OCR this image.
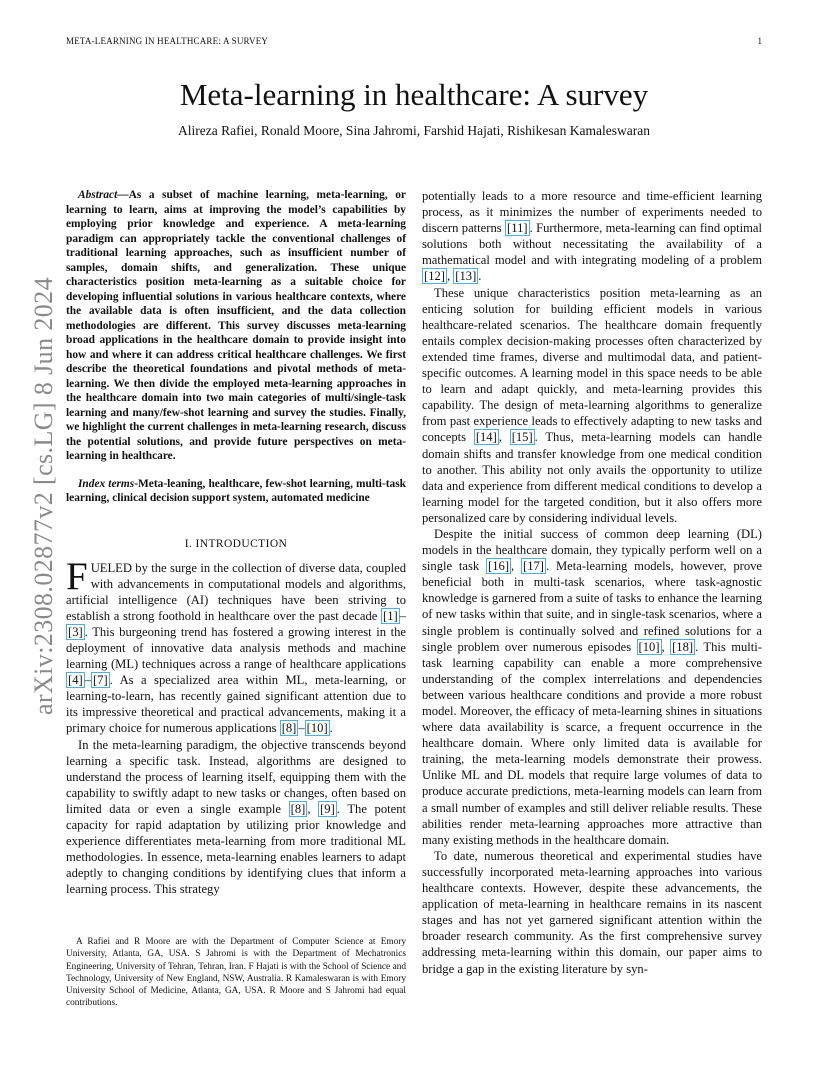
META-LEARNING IN HEALTHCARE: A SURVEY	1
arXiv:2308.02877v2 [cs.LG] 8 Jun 2024
Meta-learning in healthcare: A survey
Alireza Rafiei, Ronald Moore, Sina Jahromi, Farshid Hajati, Rishikesan Kamaleswaran

Abstract—As a subset of machine learning, meta-learning, or learning to learn, aims at improving the model’s capabilities by employing prior knowledge and experience. A meta-learning paradigm can appropriately tackle the conventional challenges of traditional learning approaches, such as insufficient number of samples, domain shifts, and generalization. These unique characteristics position meta-learning as a suitable choice for developing influential solutions in various healthcare contexts, where the available data is often insufficient, and the data collection methodologies are different. This survey discusses meta-learning broad applications in the healthcare domain to provide insight into how and where it can address critical healthcare challenges. We first describe the theoretical foundations and pivotal methods of meta-learning. We then divide the employed meta-learning approaches in the healthcare domain into two main categories of multi/single-task learning and many/few-shot learning and survey the studies. Finally, we highlight the current challenges in meta-learning research, discuss the potential solutions, and provide future perspectives on meta-learning in healthcare.

Index terms-Meta-leaning, healthcare, few-shot learning, multi-task learning, clinical decision support system, automated medicine

I. INTRODUCTION

FUELED by the surge in the collection of diverse data, coupled with advancements in computational models and algorithms, artificial intelligence (AI) techniques have been striving to establish a strong foothold in healthcare over the past decade [1] –[3] . This burgeoning trend has fostered a growing interest in the deployment of innovative data analysis methods and machine learning (ML) techniques across a range of healthcare applications [4] – [7] . As a specialized area within ML, meta-learning, or learning-to-learn, has recently gained significant attention due to its impressive theoretical and practical advancements, making it a primary choice for numerous applications [8] – [10] .

In the meta-learning paradigm, the objective transcends beyond learning a specific task. Instead, algorithms are designed to understand the process of learning itself, equipping them with the capability to swiftly adapt to new tasks or changes, often based on limited data or even a single example [8] , [9] . The potent capacity for rapid adaptation by utilizing prior knowledge and experience differentiates meta-learning from more traditional ML methodologies. In essence, meta-learning enables learners to adapt adeptly to changing conditions by identifying clues that inform a learning process. This strategy

A Rafiei and R Moore are with the Department of Computer Science at Emory University, Atlanta, GA, USA. S Jahromi is with the Department of Mechatronics Engineering, University of Tehran, Tehran, Iran. F Hajati is with the School of Science and Technology, University of New England, NSW, Australia. R Kamaleswaran is with Emory University School of Medicine, Atlanta, GA, USA. R Moore and S Jahromi had equal contributions.

potentially leads to a more resource and time-efficient learning process, as it minimizes the number of experiments needed to discern patterns [11] . Furthermore, meta-learning can find optimal solutions both without necessitating the availability of a mathematical model and with integrating modeling of a problem [12] , [13] .

These unique characteristics position meta-learning as an enticing solution for building efficient models in various healthcare-related scenarios. The healthcare domain frequently entails complex decision-making processes often characterized by extended time frames, diverse and multimodal data, and patient-specific outcomes. A learning model in this space needs to be able to learn and adapt quickly, and meta-learning provides this capability. The design of meta-learning algorithms to generalize from past experience leads to effectively adapting to new tasks and concepts [14] , [15] . Thus, meta-learning models can handle domain shifts and transfer knowledge from one medical condition to another. This ability not only avails the opportunity to utilize data and experience from different medical conditions to develop a learning model for the targeted condition, but it also offers more personalized care by considering individual levels.

Despite the initial success of common deep learning (DL) models in the healthcare domain, they typically perform well on a single task [16] , [17] . Meta-learning models, however, prove beneficial both in multi-task scenarios, where task-agnostic knowledge is garnered from a suite of tasks to enhance the learning of new tasks within that suite, and in single-task scenarios, where a single problem is continually solved and refined solutions for a single problem over numerous episodes [10] , [18] . This multi-task learning capability can enable a more comprehensive understanding of the complex interrelations and dependencies between various healthcare conditions and provide a more robust model. Moreover, the efficacy of meta-learning shines in situations where data availability is scarce, a frequent occurrence in the healthcare domain. Where only limited data is available for training, the meta-learning models demonstrate their prowess. Unlike ML and DL models that require large volumes of data to produce accurate predictions, meta-learning models can learn from a small number of examples and still deliver reliable results. These abilities render meta-learning approaches more attractive than many existing methods in the healthcare domain.

To date, numerous theoretical and experimental studies have successfully incorporated meta-learning approaches into various healthcare contexts. However, despite these advancements, the application of meta-learning in healthcare remains in its nascent stages and has not yet garnered significant attention within the broader research community. As the first comprehensive survey addressing meta-learning within this domain, our paper aims to bridge a gap in the existing literature by syn-
